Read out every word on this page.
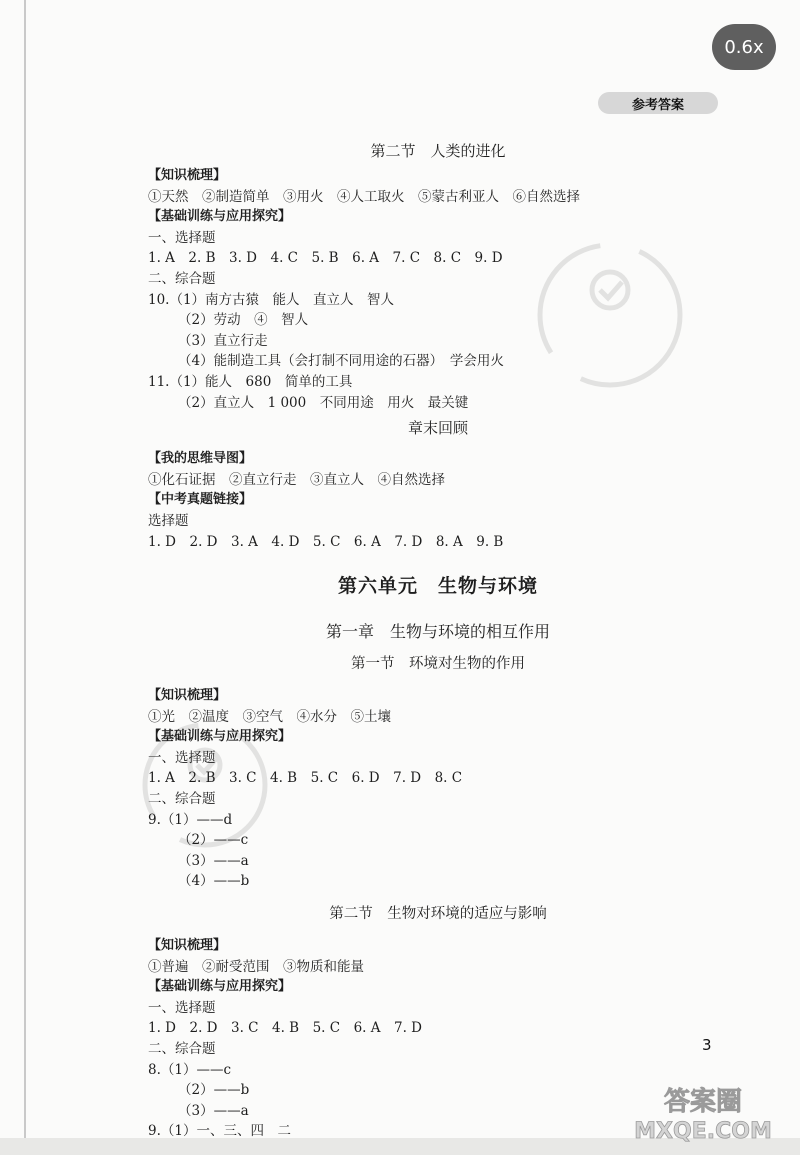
0.6x
参考答案
第二节　人类的进化
【知识梳理】
①天然　②制造简单　③用火　④人工取火　⑤蒙古利亚人　⑥自然选择
【基础训练与应用探究】
一、选择题
1. A　2. B　3. D　4. C　5. B　6. A　7. C　8. C　9. D
二、综合题
10.（1）南方古猿　能人　直立人　智人
（2）劳动　④　智人
（3）直立行走
（4）能制造工具（会打制不同用途的石器）　学会用火
11.（1）能人　680　简单的工具
（2）直立人　1 000　不同用途　用火　最关键
章末回顾
【我的思维导图】
①化石证据　②直立行走　③直立人　④自然选择
【中考真题链接】
选择题
1. D　2. D　3. A　4. D　5. C　6. A　7. D　8. A　9. B
第六单元　生物与环境
第一章　生物与环境的相互作用
第一节　环境对生物的作用
【知识梳理】
①光　②温度　③空气　④水分　⑤土壤
【基础训练与应用探究】
一、选择题
1. A　2. B　3. C　4. B　5. C　6. D　7. D　8. C
二、综合题
9.（1）——d
（2）——c
（3）——a
（4）——b
第二节　生物对环境的适应与影响
【知识梳理】
①普遍　②耐受范围　③物质和能量
【基础训练与应用探究】
一、选择题
1. D　2. D　3. C　4. B　5. C　6. A　7. D
二、综合题
8.（1）——c
（2）——b
（3）——a
9.（1）一、三、四　二
3
答案圈
MXQE.COM
